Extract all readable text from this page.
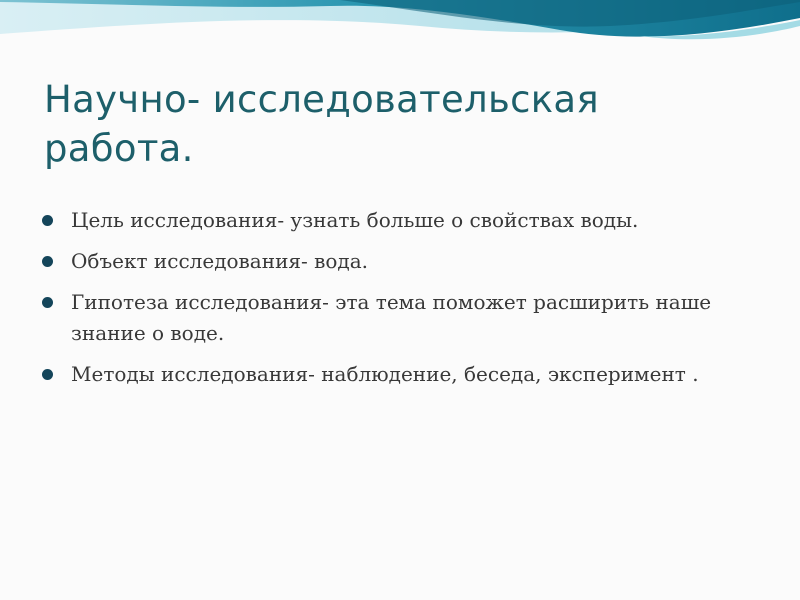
Научно- исследовательская работа.
Цель исследования- узнать больше о свойствах воды.
Объект исследования- вода.
Гипотеза исследования- эта тема поможет расширить наше знание о воде.
Методы исследования- наблюдение, беседа, эксперимент .
